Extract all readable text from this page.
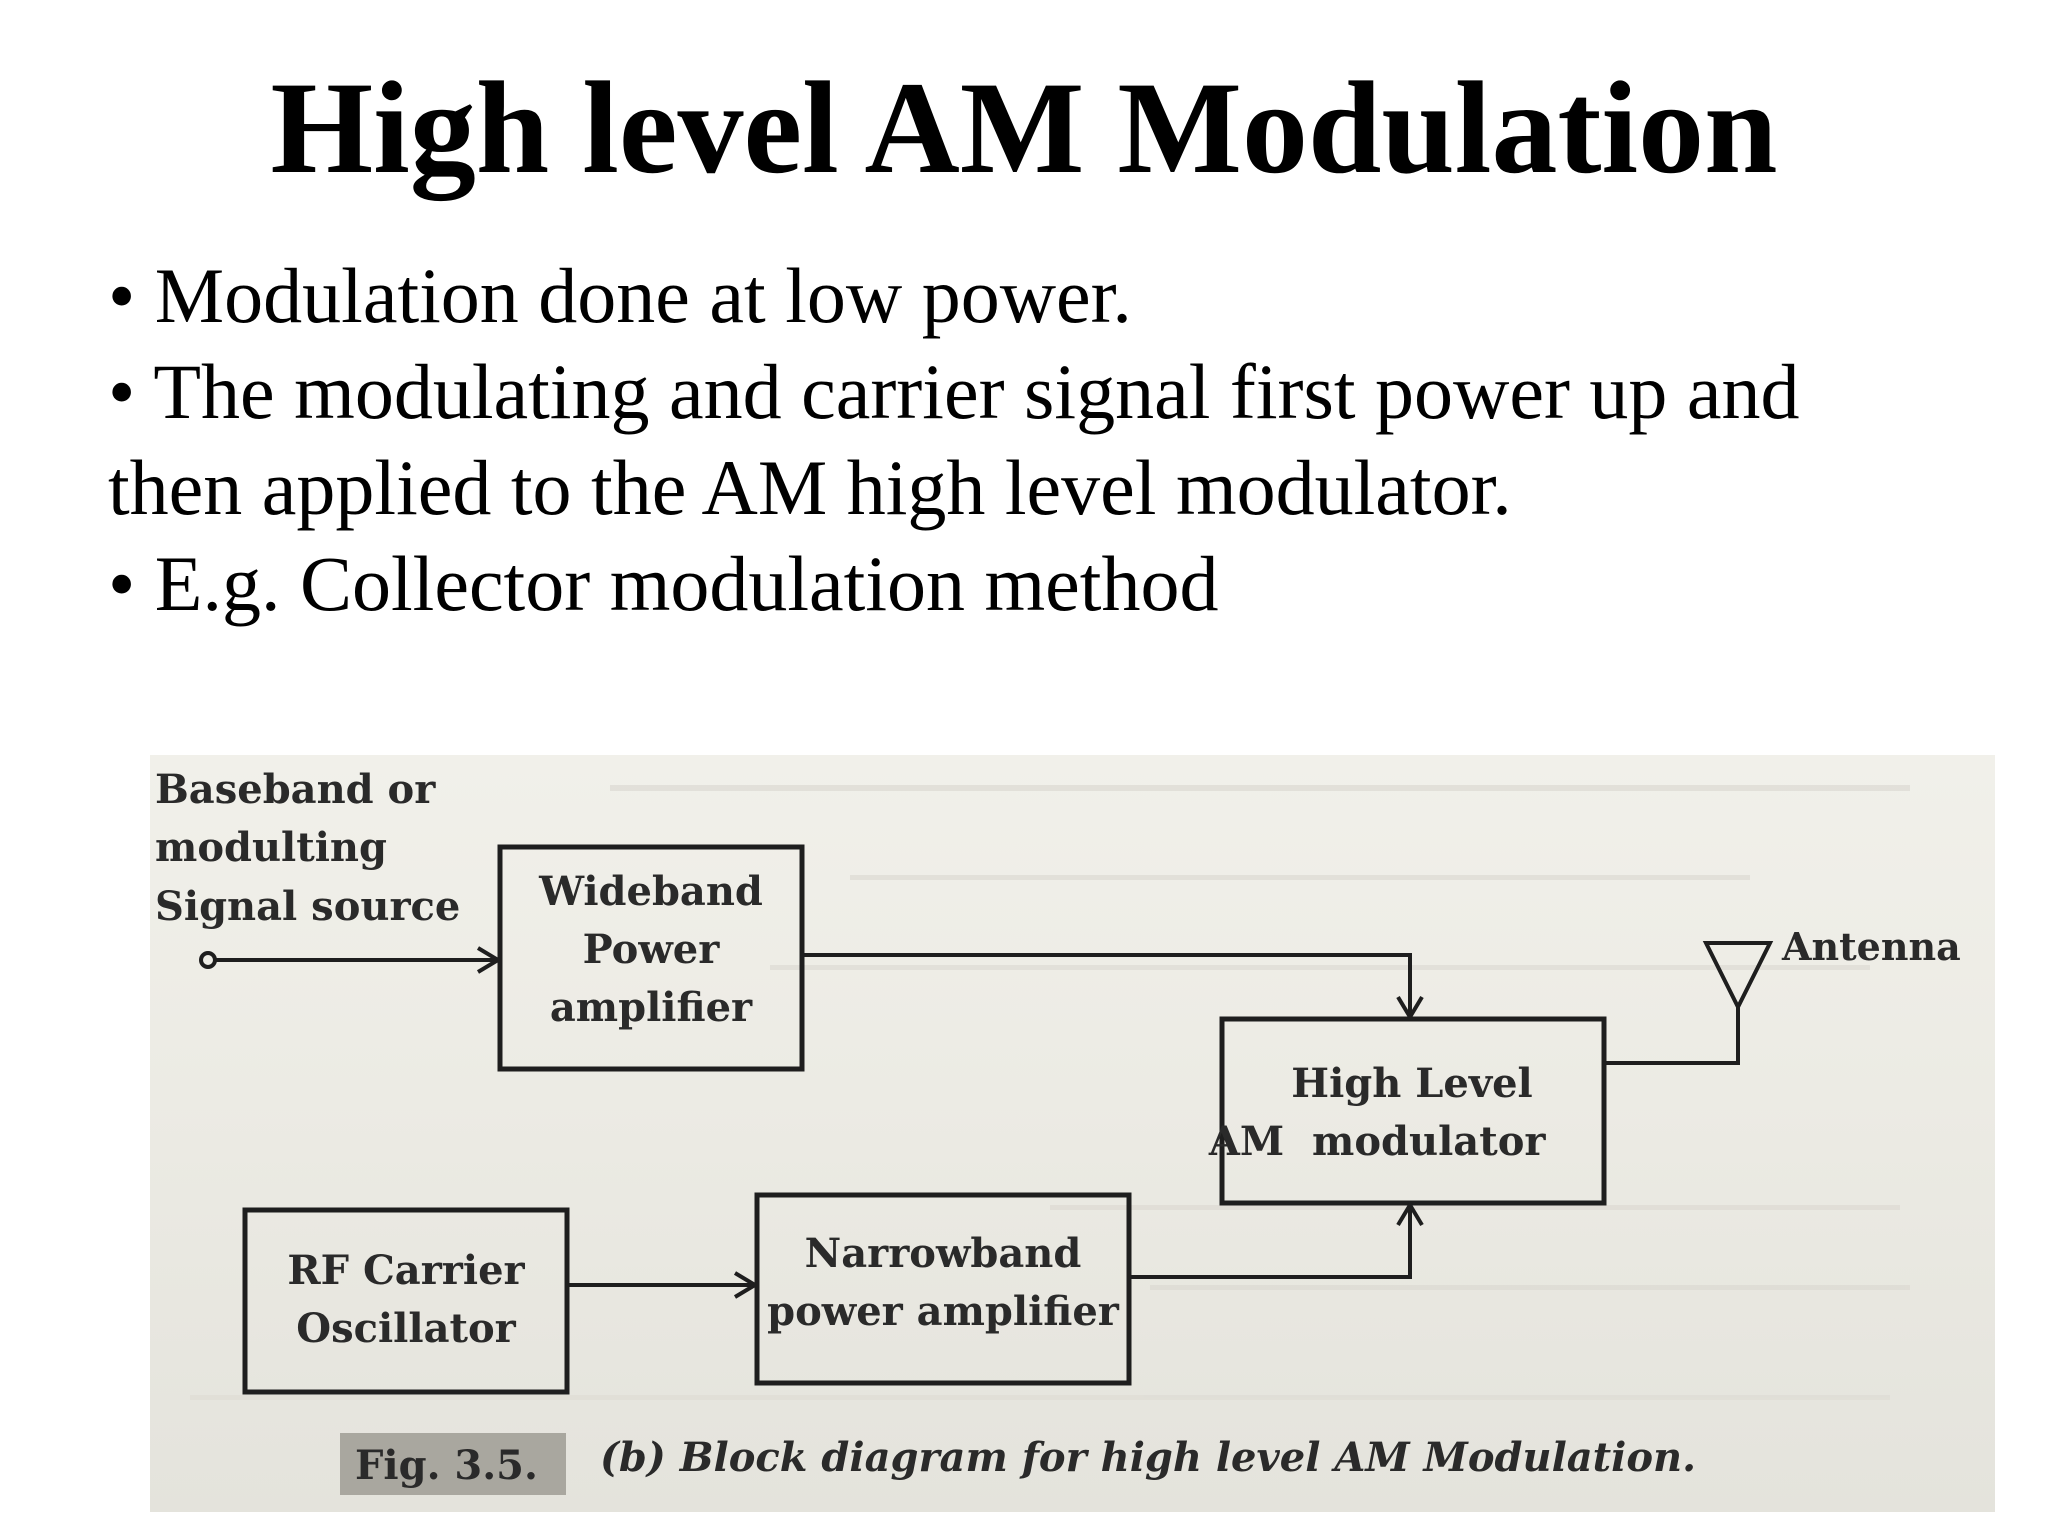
High level AM Modulation
• Modulation done at low power.
• The modulating and carrier signal first power up and
then applied to the AM high level modulator.
• E.g. Collector modulation method
Baseband or
modulting
Signal source Wideband
Power
amplifier
High Level
AM  modulator
Antenna
RF Carrier
Oscillator
Narrowband
power amplifier
Fig. 3.5. (b) Block diagram for high level AM Modulation.
